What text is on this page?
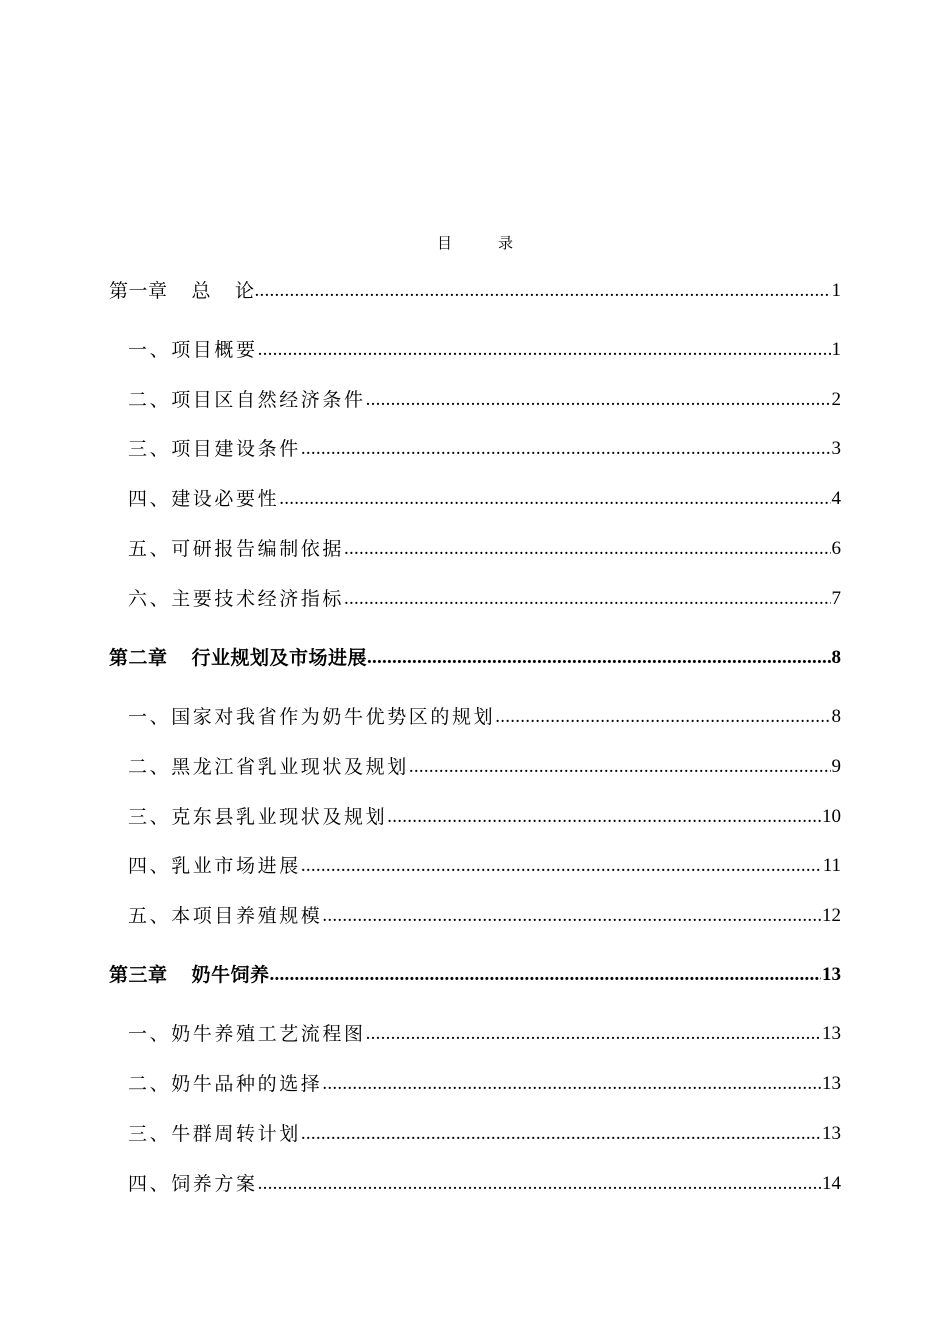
目	录
第一章 总 论 .....	1
一、项目概要 .....	1
二、项目区自然经济条件 .....	2
三、项目建设条件 .....	3
四、建设必要性 .....	4
五、可研报告编制依据 .....	6
六、主要技术经济指标 .....	7
第二章 行业规划及市场进展 .....	8
一、国家对我省作为奶牛优势区的规划 .....	8
二、黑龙江省乳业现状及规划 .....	9
三、克东县乳业现状及规划 .....	10
四、乳业市场进展 .....	11
五、本项目养殖规模 .....	12
第三章 奶牛饲养 .....	13
一、奶牛养殖工艺流程图 .....	13
二、奶牛品种的选择 .....	13
三、牛群周转计划 .....	13
四、饲养方案 .....	14
